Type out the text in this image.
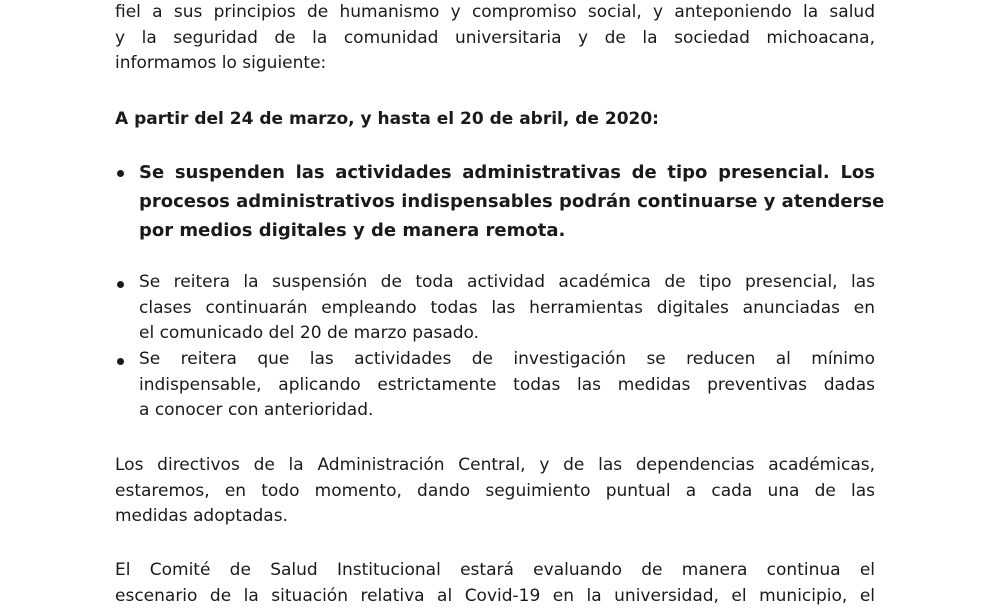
fiel a sus principios de humanismo y compromiso social, y anteponiendo la salud
y la seguridad de la comunidad universitaria y de la sociedad michoacana,
informamos lo siguiente:
A partir del 24 de marzo, y hasta el 20 de abril, de 2020:
Se suspenden las actividades administrativas de tipo presencial. Los
procesos administrativos indispensables podrán continuarse y atenderse
por medios digitales y de manera remota.
Se reitera la suspensión de toda actividad académica de tipo presencial, las
clases continuarán empleando todas las herramientas digitales anunciadas en
el comunicado del 20 de marzo pasado.
Se reitera que las actividades de investigación se reducen al mínimo
indispensable, aplicando estrictamente todas las medidas preventivas dadas
a conocer con anterioridad.
Los directivos de la Administración Central, y de las dependencias académicas,
estaremos, en todo momento, dando seguimiento puntual a cada una de las
medidas adoptadas.
El Comité de Salud Institucional estará evaluando de manera continua el
escenario de la situación relativa al Covid-19 en la universidad, el municipio, el
